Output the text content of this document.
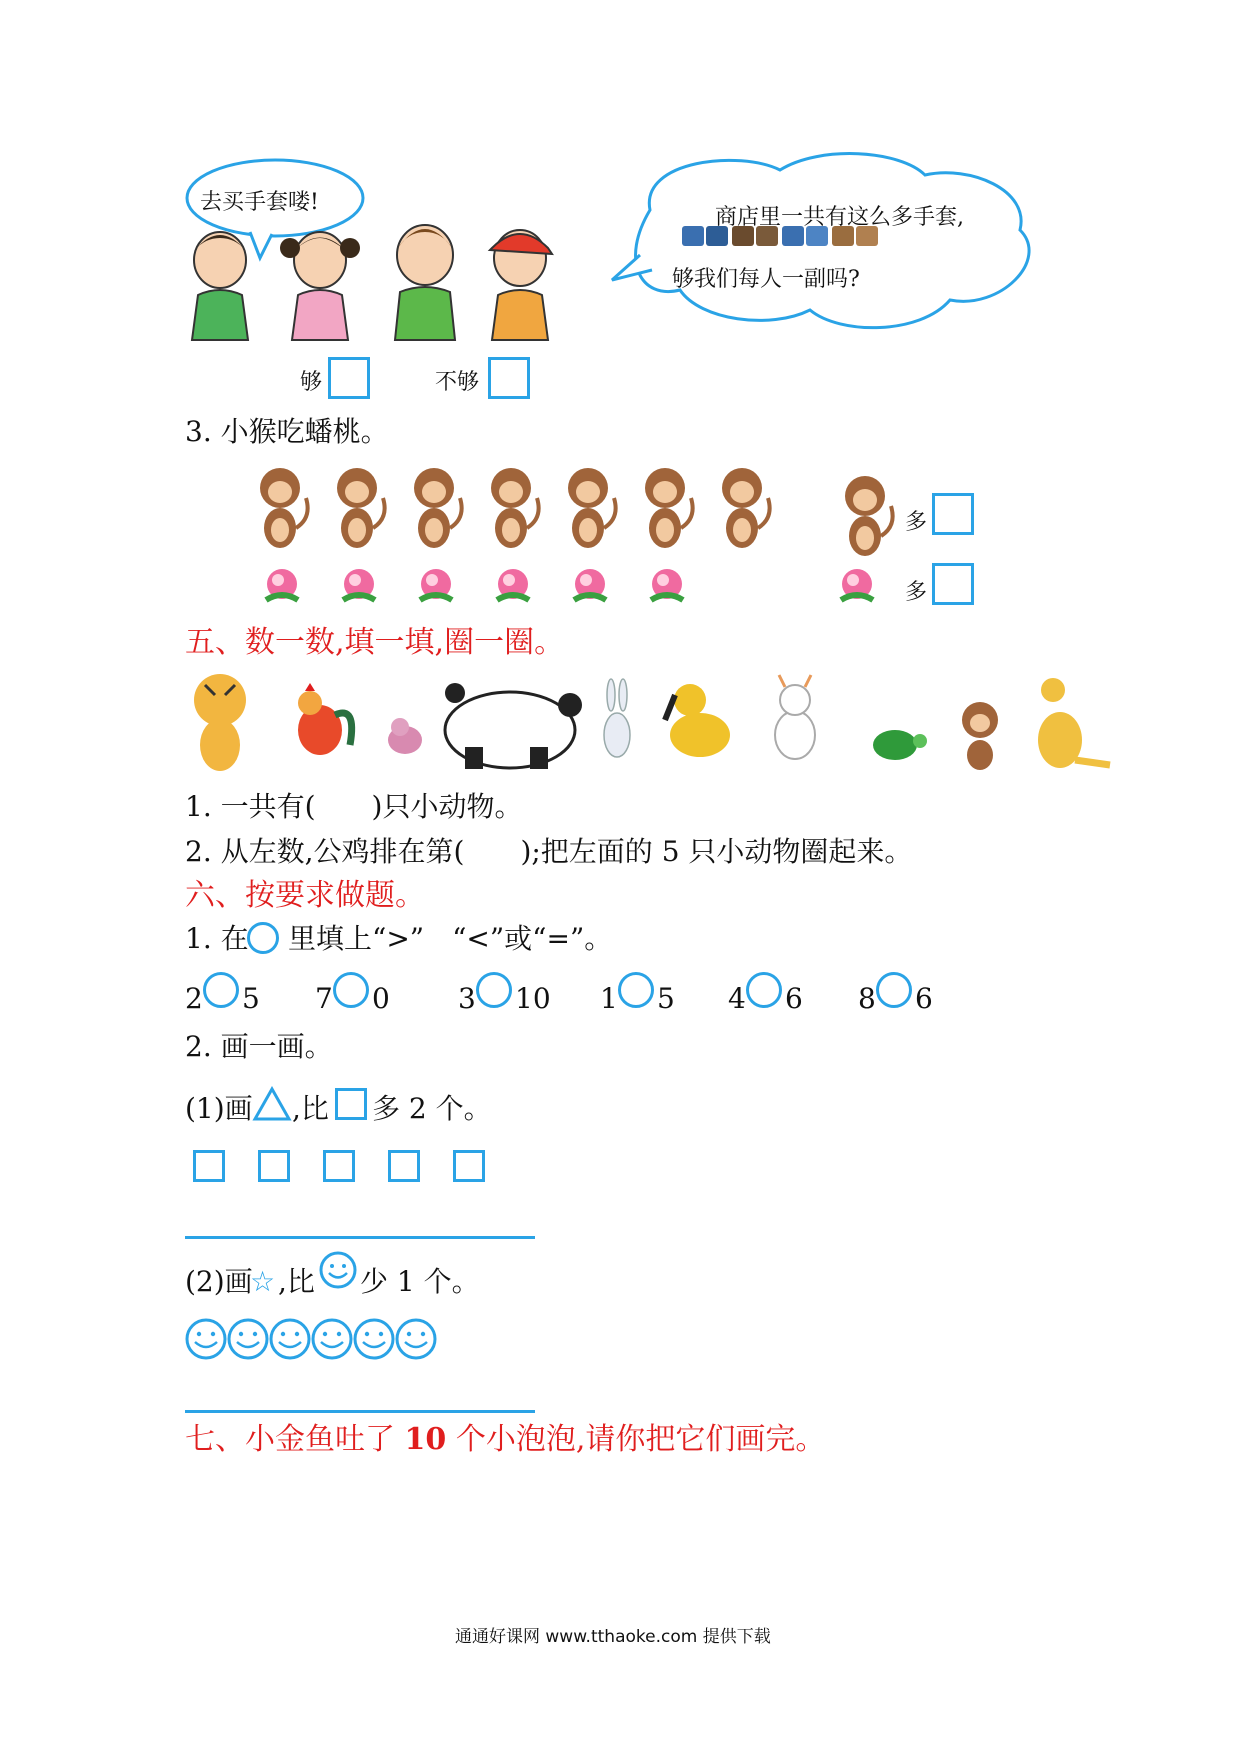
去买手套喽!
商店里一共有这么多手套,
够我们每人一副吗?
够	不够
3. 小猴吃蟠桃。
多
多
五、数一数,填一填,圈一圈。
1. 一共有(　　)只小动物。
2. 从左数,公鸡排在第(　　);把左面的 5 只小动物圈起来。
六、按要求做题。
1. 在 里填上“>”　“<”或“=”。
2 5 7 0 3 10 1 5 4 6 8 6
2. 画一画。
(1)画 ,比 多 2 个。
(2)画
☆ ,比 少 1 个。
七、小金鱼吐了 10 个小泡泡,请你把它们画完。
通通好课网 www.tthaoke.com 提供下载
